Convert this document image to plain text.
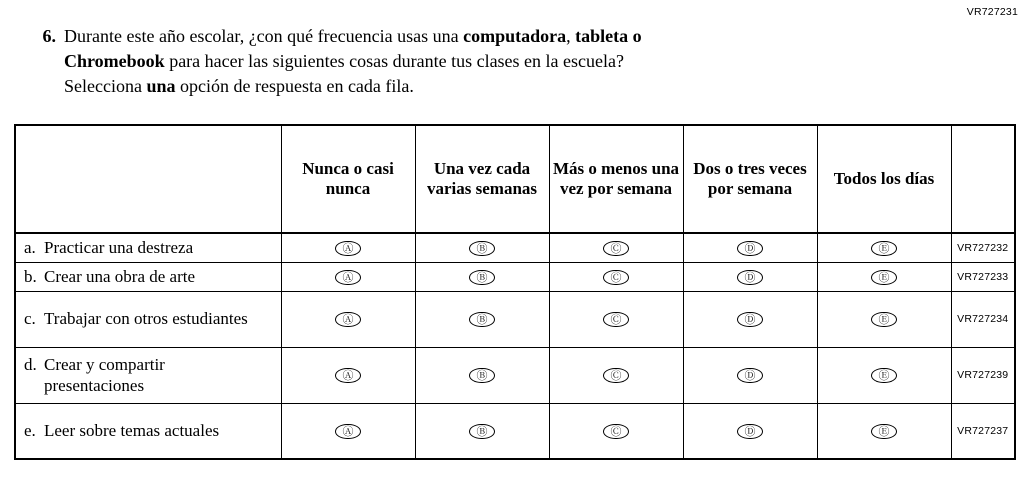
VR727231
6. Durante este año escolar, ¿con qué frecuencia usas una computadora, tableta o
Chromebook para hacer las siguientes cosas durante tus clases en la escuela?
Selecciona una opción de respuesta en cada fila.
	Nunca o casi nunca	Una vez cada varias semanas	Más o menos una vez por semana	Dos o tres veces por semana	Todos los días	
a. Practicar una destreza	Ⓐ	Ⓑ	Ⓒ	Ⓓ	Ⓔ	VR727232
b. Crear una obra de arte	Ⓐ	Ⓑ	Ⓒ	Ⓓ	Ⓔ	VR727233
c. Trabajar con otros estudiantes	Ⓐ	Ⓑ	Ⓒ	Ⓓ	Ⓔ	VR727234
d. Crear y compartir presentaciones	Ⓐ	Ⓑ	Ⓒ	Ⓓ	Ⓔ	VR727239
e. Leer sobre temas actuales	Ⓐ	Ⓑ	Ⓒ	Ⓓ	Ⓔ	VR727237
